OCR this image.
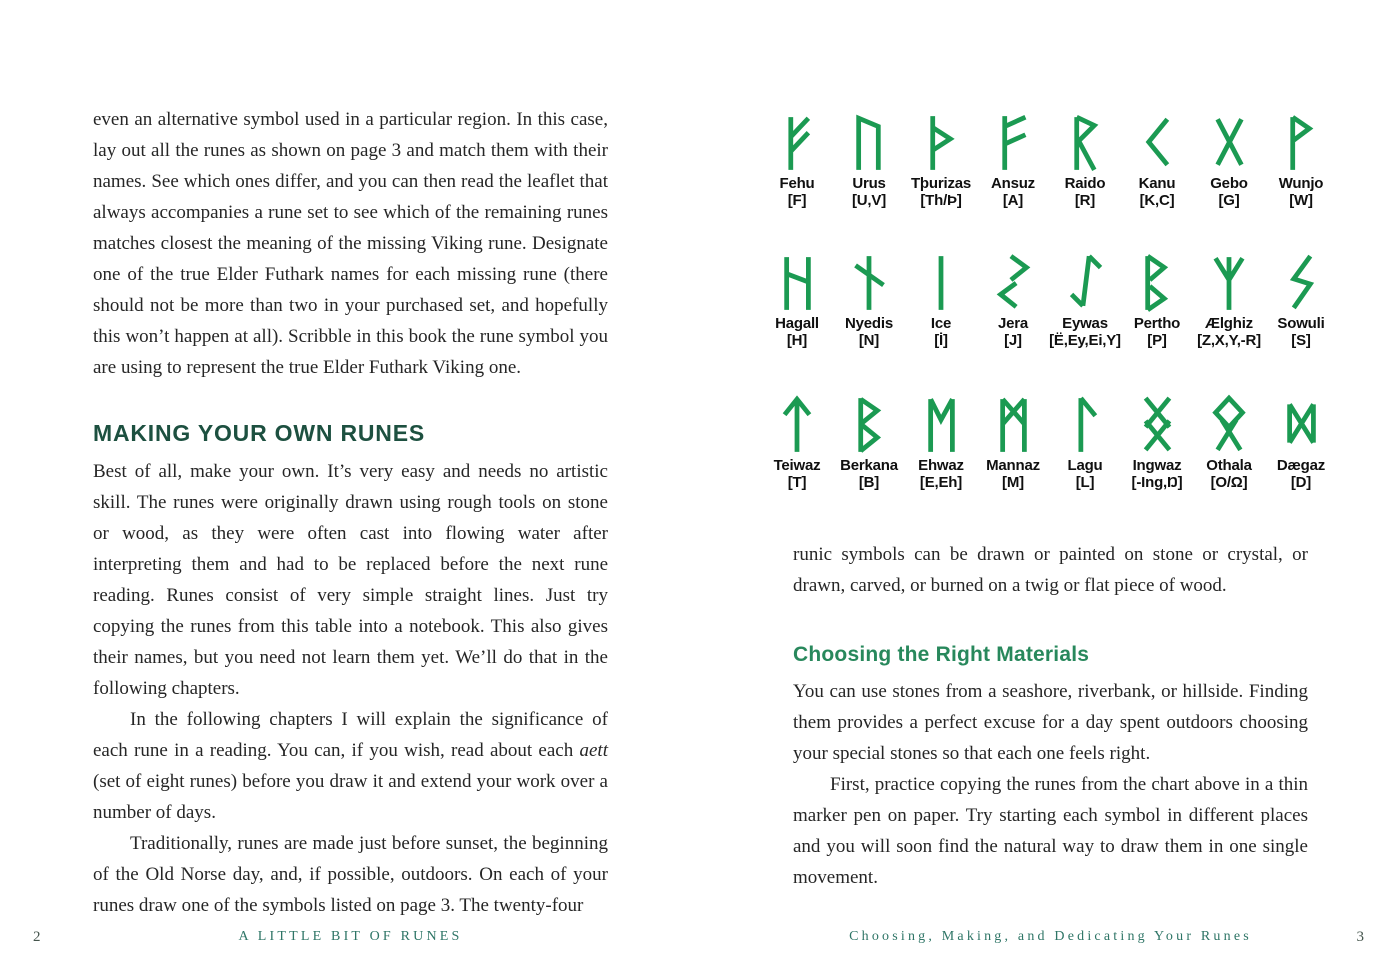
even an alternative symbol used in a particular region. In this case, lay out all the runes as shown on page 3 and match them with their names. See which ones differ, and you can then read the leaflet that always accompanies a rune set to see which of the remaining runes matches closest the meaning of the missing Viking rune. Designate one of the true Elder Futhark names for each missing rune (there should not be more than two in your purchased set, and hopefully this won’t happen at all). Scribble in this book the rune symbol you are using to represent the true Elder Futhark Viking one.

MAKING YOUR OWN RUNES

Best of all, make your own. It’s very easy and needs no artistic skill. The runes were originally drawn using rough tools on stone or wood, as they were often cast into flowing water after interpreting them and had to be replaced before the next rune reading. Runes consist of very simple straight lines. Just try copying the runes from this table into a notebook. This also gives their names, but you need not learn them yet. We’ll do that in the following chapters.

In the following chapters I will explain the significance of each rune in a reading. You can, if you wish, read about each aett (set of eight runes) before you draw it and extend your work over a number of days.

Traditionally, runes are made just before sunset, the beginning of the Old Norse day, and, if possible, outdoors. On each of your runes draw one of the symbols listed on page 3. The twenty-four

2	A LITTLE BIT OF RUNES
Fehu
[F]
Urus
[U,V]
Tþurizas
[Th/Þ]
Ansuz
[A]
Raido
[R]
Kanu
[K,C]
Gebo
[G]
Wunjo
[W]
Hagall
[H]
Nyedis
[N]
Ice
[İ]
Jera
[J]
Eywas
[Ë,Ey,Ei,Y]
Pertho
[P]
Ælghiz
[Z,X,Y,-R]
Sowuli
[S]
Teiwaz
[T]
Berkana
[B]
Ehwaz
[E,Eh]
Mannaz
[M]
Lagu
[L]
Ingwaz
[-Ing,Ŋ]
Othala
[O/Ω]
Dægaz
[D]

runic symbols can be drawn or painted on stone or crystal, or drawn, carved, or burned on a twig or flat piece of wood.

Choosing the Right Materials

You can use stones from a seashore, riverbank, or hillside. Finding them provides a perfect excuse for a day spent outdoors choosing your special stones so that each one feels right.

First, practice copying the runes from the chart above in a thin marker pen on paper. Try starting each symbol in different places and you will soon find the natural way to draw them in one single movement.

3
Choosing, Making, and Dedicating Your Runes
